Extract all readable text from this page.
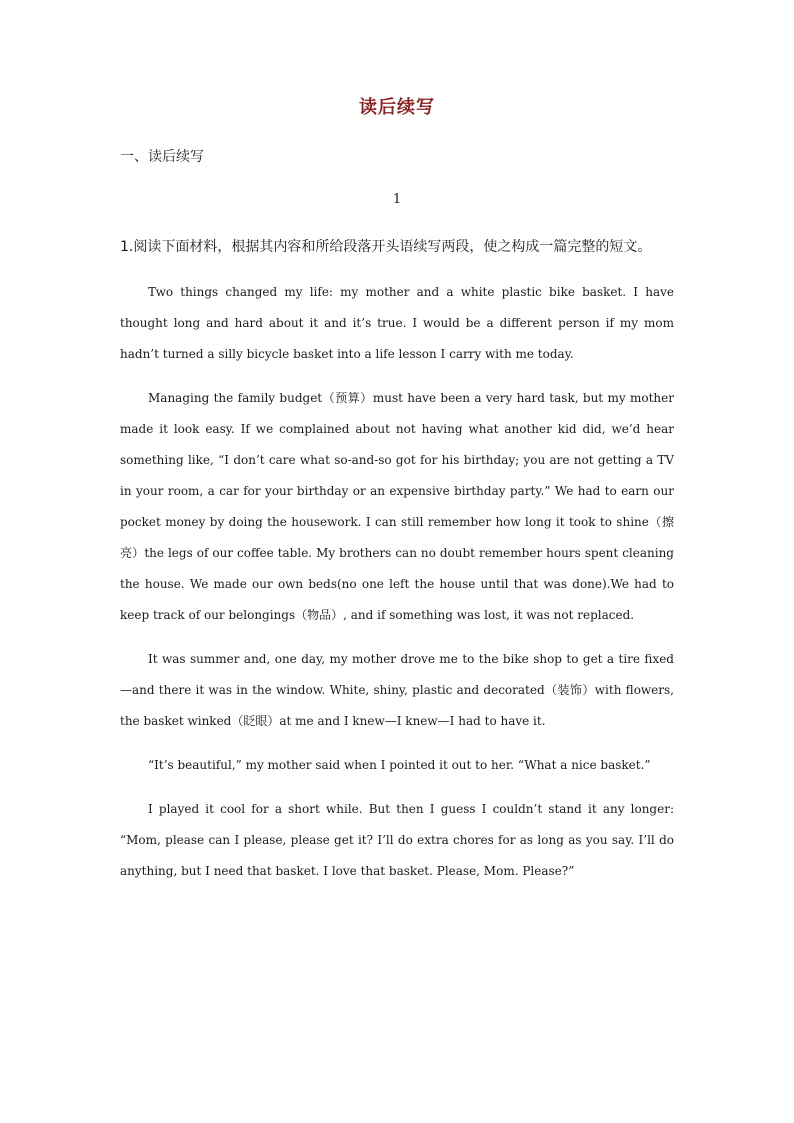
读后续写

一、读后续写

1

1.阅读下面材料，根据其内容和所给段落开头语续写两段，使之构成一篇完整的短文。

Two things changed my life: my mother and a white plastic bike basket. I have thought long and hard about it and it’s true. I would be a different person if my mom hadn’t turned a silly bicycle basket into a life lesson I carry with me today.

Managing the family budget（预算）must have been a very hard task, but my mother made it look easy. If we complained about not having what another kid did, we’d hear something like, “I don’t care what so-and-so got for his birthday; you are not getting a TV in your room, a car for your birthday or an expensive birthday party.” We had to earn our pocket money by doing the housework. I can still remember how long it took to shine（擦亮）the legs of our coffee table. My brothers can no doubt remember hours spent cleaning the house. We made our own beds(no one left the house until that was done).We had to keep track of our belongings（物品）, and if something was lost, it was not replaced.

It was summer and, one day, my mother drove me to the bike shop to get a tire fixed—and there it was in the window. White, shiny, plastic and decorated（装饰）with flowers, the basket winked（眨眼）at me and I knew—I knew—I had to have it.

“It’s beautiful,” my mother said when I pointed it out to her. “What a nice basket.”

I played it cool for a short while. But then I guess I couldn’t stand it any longer: “Mom, please can I please, please get it? I’ll do extra chores for as long as you say. I’ll do anything, but I need that basket. I love that basket. Please, Mom. Please?”
